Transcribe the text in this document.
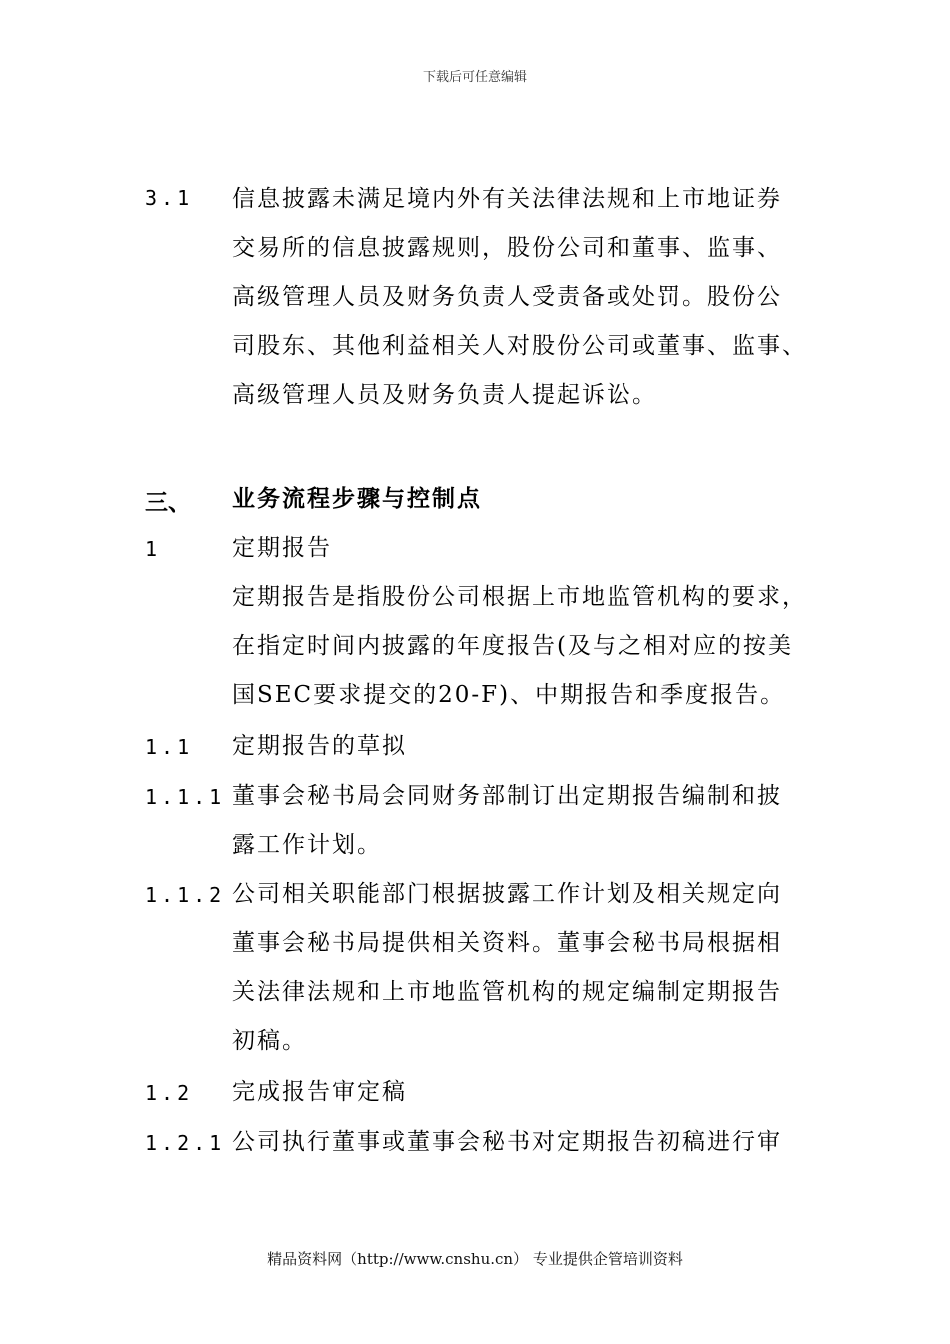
下载后可任意编辑
3.1 信息披露未满足境内外有关法律法规和上市地证券
交易所的信息披露规则，股份公司和董事、监事、
高级管理人员及财务负责人受责备或处罚。股份公
司股东、其他利益相关人对股份公司或董事、监事、
高级管理人员及财务负责人提起诉讼。
三、 业务流程步骤与控制点
1	定期报告
定期报告是指股份公司根据上市地监管机构的要求，
在指定时间内披露的年度报告(及与之相对应的按美
国SEC要求提交的20-F)、中期报告和季度报告。
1.1 定期报告的草拟
1.1.1 董事会秘书局会同财务部制订出定期报告编制和披
露工作计划。
1.1.2 公司相关职能部门根据披露工作计划及相关规定向
董事会秘书局提供相关资料。董事会秘书局根据相
关法律法规和上市地监管机构的规定编制定期报告
初稿。
1.2 完成报告审定稿
1.2.1 公司执行董事或董事会秘书对定期报告初稿进行审
精品资料网（http://www.cnshu.cn） 专业提供企管培训资料
